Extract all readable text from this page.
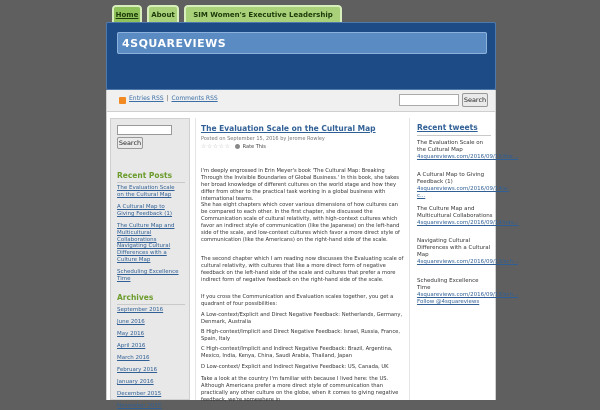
Home	About	SIM Women's Executive Leadership
4SQUAREVIEWS
Entries RSS | Comments RSS	Search
Search
Recent Posts
The Evaluation Scale on the Cultural Map
A Cultural Map to Giving Feedback (1)
The Culture Map and Multicultural Collaborations
Navigating Cultural Differences with a Culture Map
Scheduling Excellence Time
Archives
September 2016
June 2016
May 2016
April 2016
March 2016
February 2016
January 2016
December 2015
November 2015
The Evaluation Scale on the Cultural Map
Posted on September 15, 2016 by Jerome Rowley
☆☆☆☆☆	Rate This

I'm deeply engrossed in Erin Meyer's book 'The Cultural Map: Breaking Through the Invisible Boundaries of Global Business.' In this book, she takes her broad knowledge of different cultures on the world stage and how they differ from other to the practical task working in a global business with international teams.

She has eight chapters which cover various dimensions of how cultures can be compared to each other. In the first chapter, she discussed the Communication scale of cultural relativity, with high-context cultures which favor an indirect style of communication (like the Japanese) on the left-hand side of the scale, and low-context cultures which favor a more direct style of communication (like the Americans) on the right-hand side of the scale.

The second chapter which I am reading now discusses the Evaluating scale of cultural relativity, with cultures that like a more direct form of negative feedback on the left-hand side of the scale and cultures that prefer a more indirect form of negative feedback on the right-hand side of the scale.

If you cross the Communication and Evaluation scales together, you get a quadrant of four possibilities:

A Low-context/Explicit and Direct Negative Feedback: Netherlands, Germany, Denmark, Australia

B High-context/Implicit and Direct Negative Feedback: Israel, Russia, France, Spain, Italy

C High-context/Implicit and Indirect Negative Feedback: Brazil, Argentina, Mexico, India, Kenya, China, Saudi Arabia, Thailand, Japan

D Low-context/ Explicit and Indirect Negative Feedback: US, Canada, UK

Take a look at the country I'm familiar with because I lived here: the US. Although Americans prefer a more direct style of communication than practically any other culture on the globe, when it comes to giving negative feedback, we're somewhere in

Recent tweets
The Evaluation Scale on the Cultural Map
4squareviews.com/2016/09/15/the...
A Cultural Map to Giving Feedback (1)
4squareviews.com/2016/09/14/a-c...
The Culture Map and Multicultural Collaborations
4squareviews.com/2016/09/14/nav...
Navigating Cultural Differences with a Cultural Map
4squareviews.com/2016/09/13/sch...
Scheduling Excellence Time
4squareviews.com/2016/09/13/sch...
Follow @4squareviews
